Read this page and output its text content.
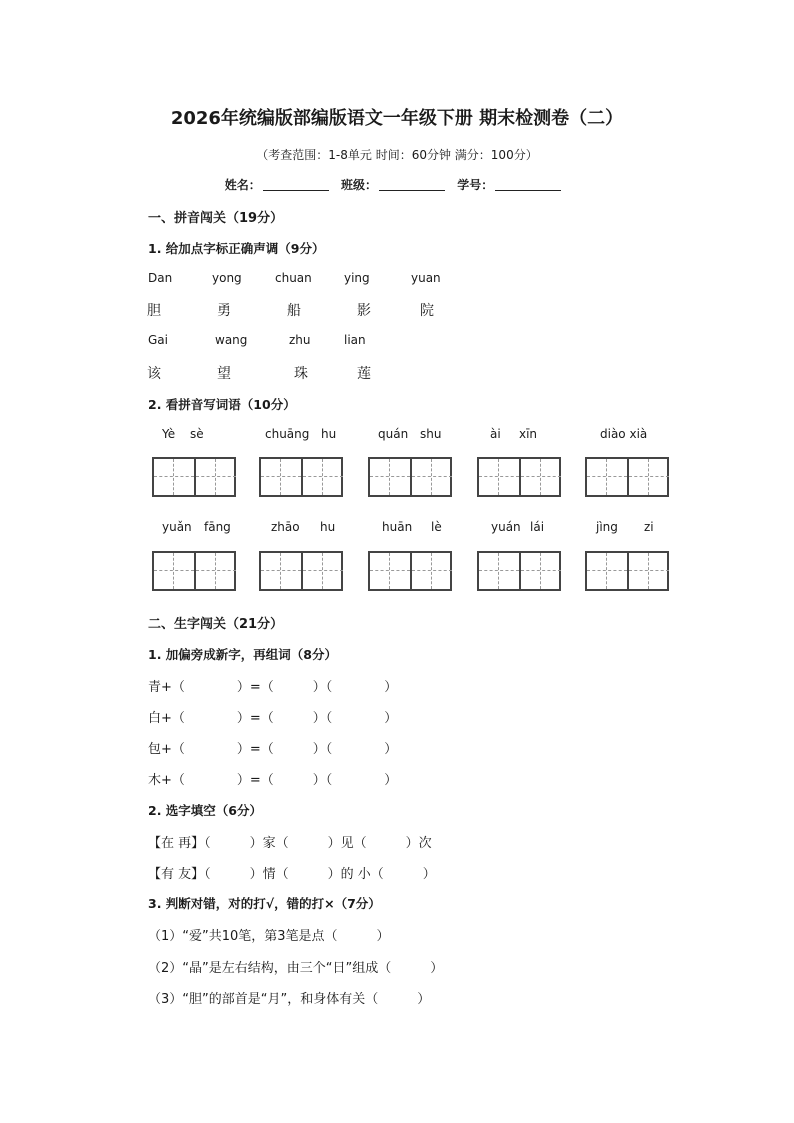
2026年统编版部编版语文一年级下册 期末检测卷（二）
（考查范围：1-8单元 时间：60分钟 满分：100分）
姓名：	班级：	学号：
一、拼音闯关（19分）
1. 给加点字标正确声调（9分）
Dan	yong	chuan	ying	yuan
胆	勇	船	影	院
Gai	wang	zhu	lian
该	望	珠	莲
2. 看拼音写词语（10分）
Yè sè	chuāng hu	quán shu	ài xīn	diào xià
yuǎn fāng	zhāo hu	huān lè	yuán lái	jìng zi
二、生字闯关（21分）
1. 加偏旁成新字，再组词（8分）
青+（　　　　）=（　　　）（　　　　）
白+（　　　　）=（　　　）（　　　　）
包+（　　　　）=（　　　）（　　　　）
木+（　　　　）=（　　　）（　　　　）
2. 选字填空（6分）
【在 再】（　　　）家（　　　）见（　　　）次
【有 友】（　　　）情（　　　）的 小（　　　）
3. 判断对错，对的打√，错的打×（7分）
（1）“爱”共10笔，第3笔是点（　　　）
（2）“晶”是左右结构，由三个“日”组成（　　　）
（3）“胆”的部首是“月”，和身体有关（　　　）
